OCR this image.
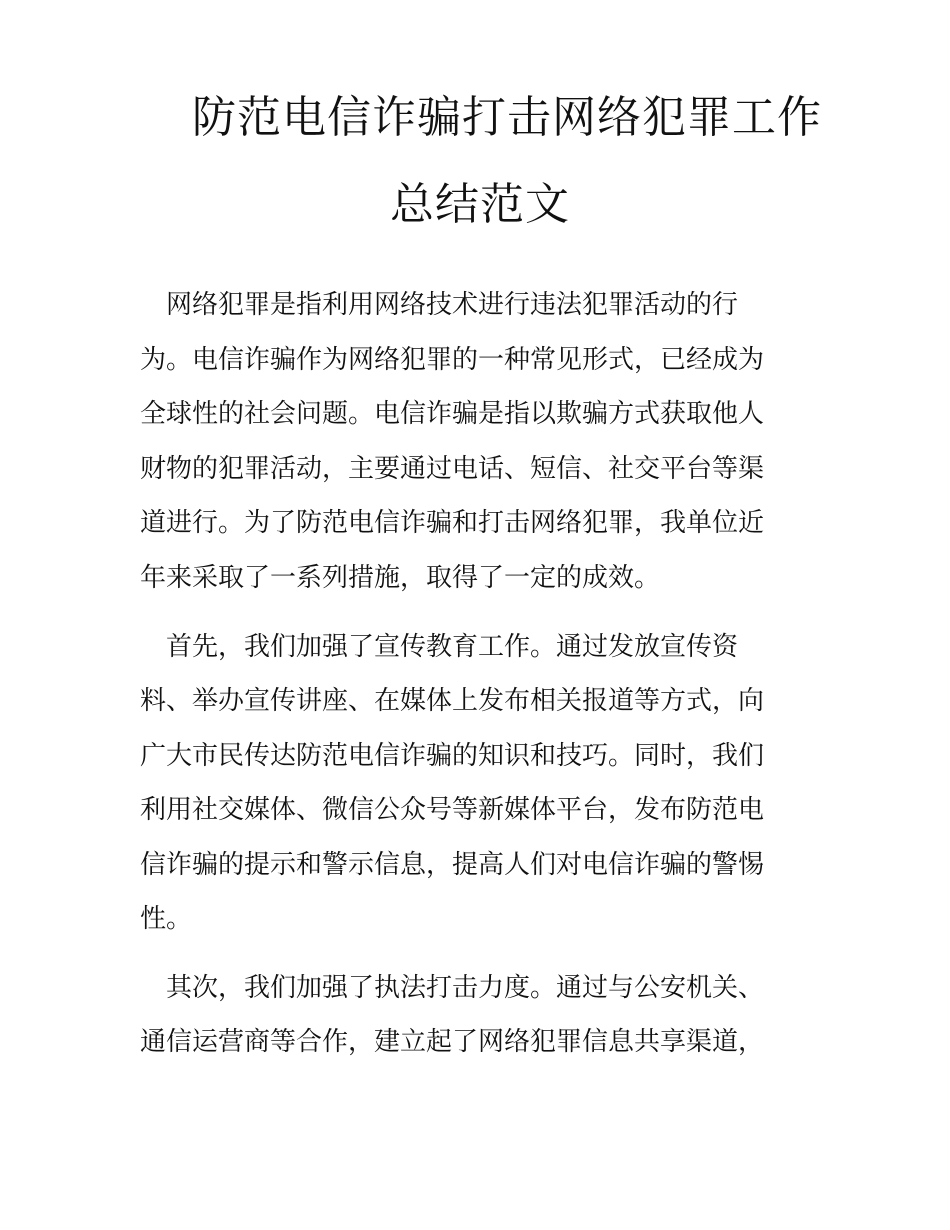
防范电信诈骗打击网络犯罪工作
总结范文
　网络犯罪是指利用网络技术进行违法犯罪活动的行
为。电信诈骗作为网络犯罪的一种常见形式，已经成为
全球性的社会问题。电信诈骗是指以欺骗方式获取他人
财物的犯罪活动，主要通过电话、短信、社交平台等渠
道进行。为了防范电信诈骗和打击网络犯罪，我单位近
年来采取了一系列措施，取得了一定的成效。
　首先，我们加强了宣传教育工作。通过发放宣传资
料、举办宣传讲座、在媒体上发布相关报道等方式，向
广大市民传达防范电信诈骗的知识和技巧。同时，我们
利用社交媒体、微信公众号等新媒体平台，发布防范电
信诈骗的提示和警示信息，提高人们对电信诈骗的警惕
性。
　其次，我们加强了执法打击力度。通过与公安机关、
通信运营商等合作，建立起了网络犯罪信息共享渠道，
